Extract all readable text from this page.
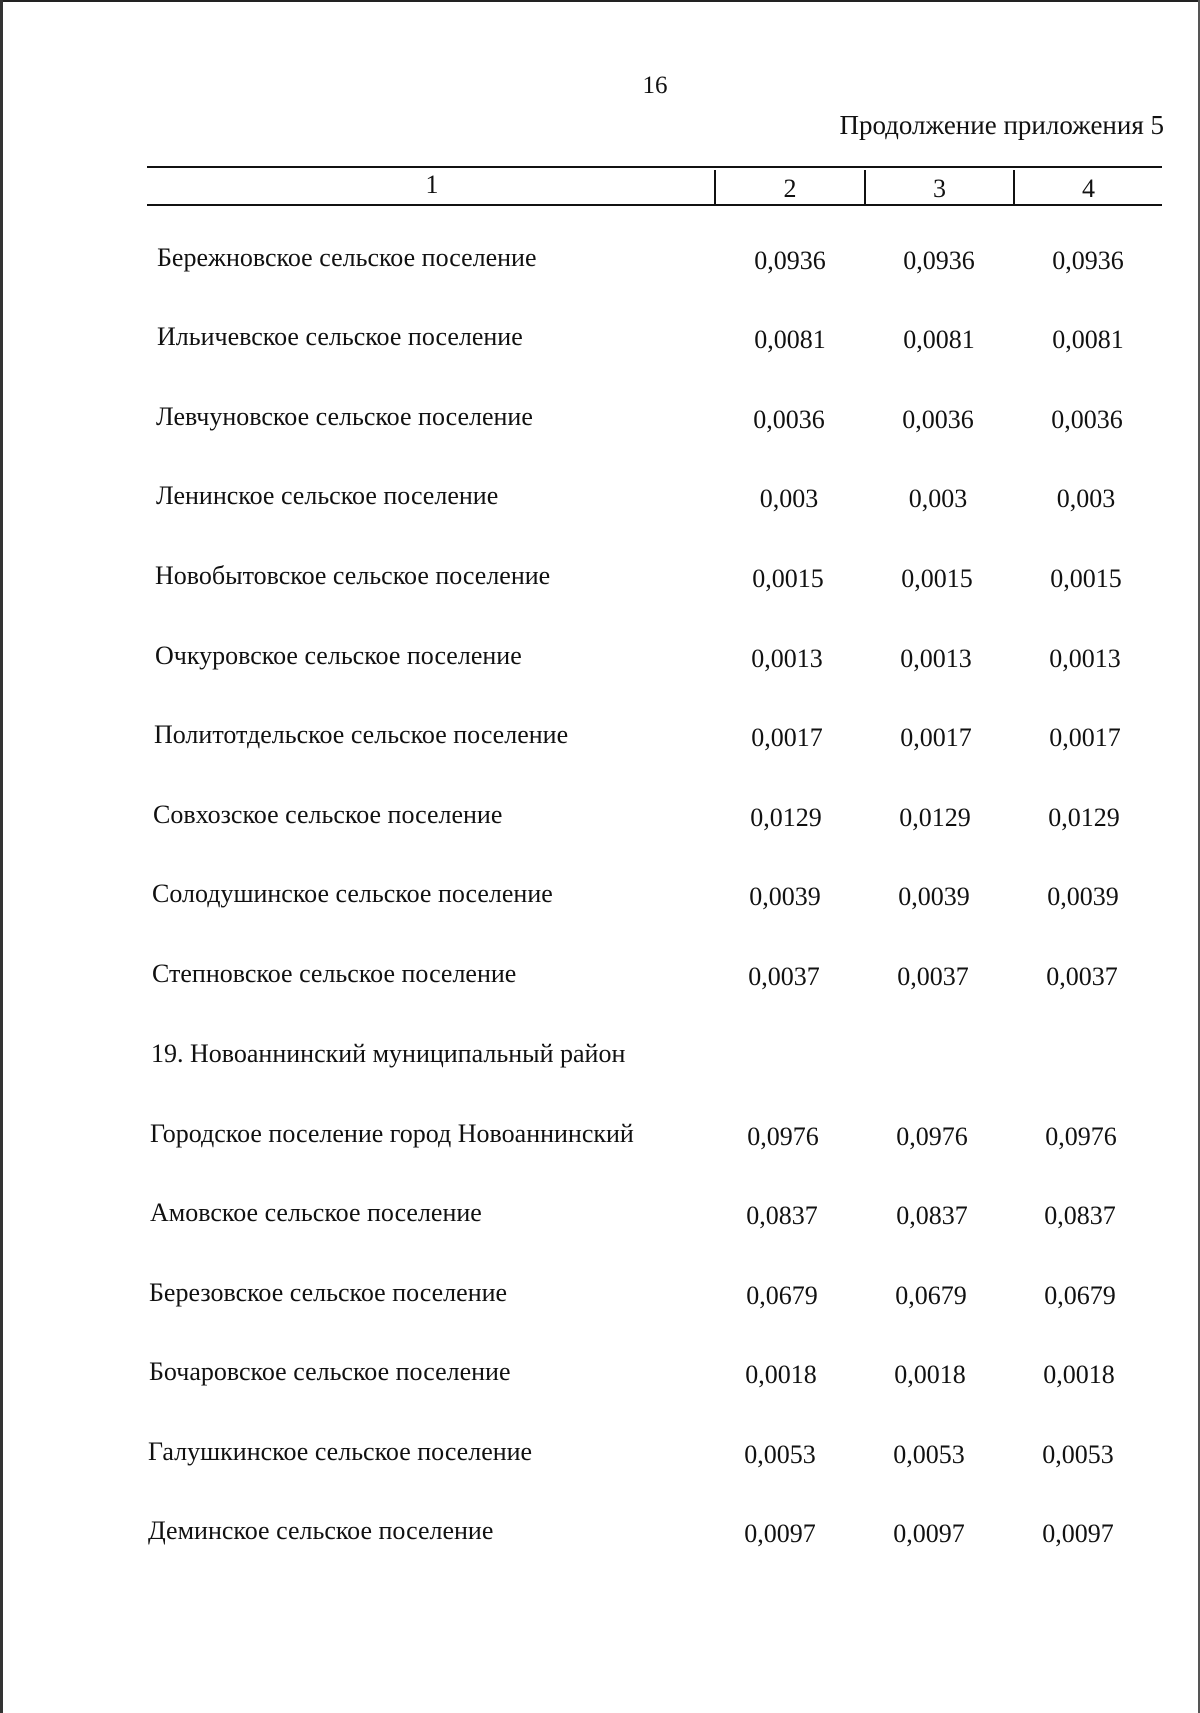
16
Продолжение приложения 5
1	2	3	4
Бережновское сельское поселение	0,0936	0,0936	0,0936
Ильичевское сельское поселение	0,0081	0,0081	0,0081
Левчуновское сельское поселение	0,0036	0,0036	0,0036
Ленинское сельское поселение	0,003	0,003	0,003
Новобытовское сельское поселение	0,0015	0,0015	0,0015
Очкуровское сельское поселение	0,0013	0,0013	0,0013
Политотдельское сельское поселение	0,0017	0,0017	0,0017
Совхозское сельское поселение	0,0129	0,0129	0,0129
Солодушинское сельское поселение	0,0039	0,0039	0,0039
Степновское сельское поселение	0,0037	0,0037	0,0037
19. Новоаннинский муниципальный район
Городское поселение город Новоаннинский	0,0976	0,0976	0,0976
Амовское сельское поселение	0,0837	0,0837	0,0837
Березовское сельское поселение	0,0679	0,0679	0,0679
Бочаровское сельское поселение	0,0018	0,0018	0,0018
Галушкинское сельское поселение	0,0053	0,0053	0,0053
Деминское сельское поселение	0,0097	0,0097	0,0097
